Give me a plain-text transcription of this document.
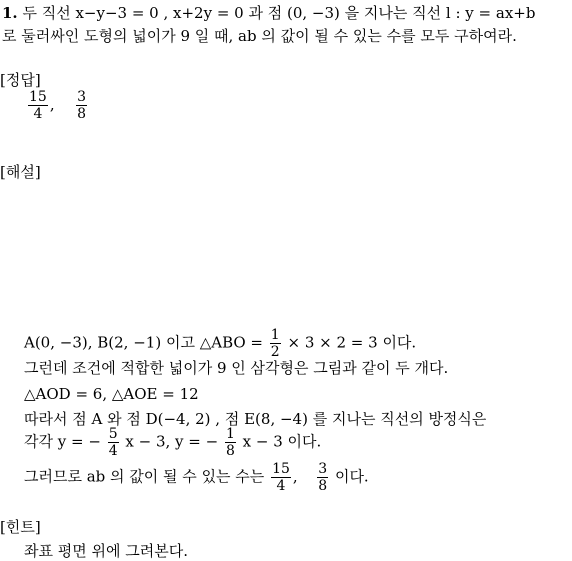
1. 두 직선 x−y−3 = 0 , x+2y = 0 과 점 (0, −3) 을 지나는 직선 l : y = ax+b
로 둘러싸인 도형의 넓이가 9 일 때, ab 의 값이 될 수 있는 수를 모두 구하여라.
[정답]
$\frac{15}{4}$ , $\frac{3}{8}$
[해설]
A(0, −3), B(2, −1) 이고 △ABO = $\frac{1}{2} \times 3 \times 2 = 3$ 이다.
그런데 조건에 적합한 넓이가 9 인 삼각형은 그림과 같이 두 개다.
△AOD = 6, △AOE = 12
따라서 점 A 와 점 D(−4, 2) , 점 E(8, −4) 를 지나는 직선의 방정식은
각각 y = − $\frac{5}{4}$ x − 3, y = − $\frac{1}{8}$ x − 3 이다.
그러므로 ab 의 값이 될 수 있는 수는 $\frac{15}{4}$ , $\frac{3}{8}$ 이다.
[힌트]
좌표 평면 위에 그려본다.
